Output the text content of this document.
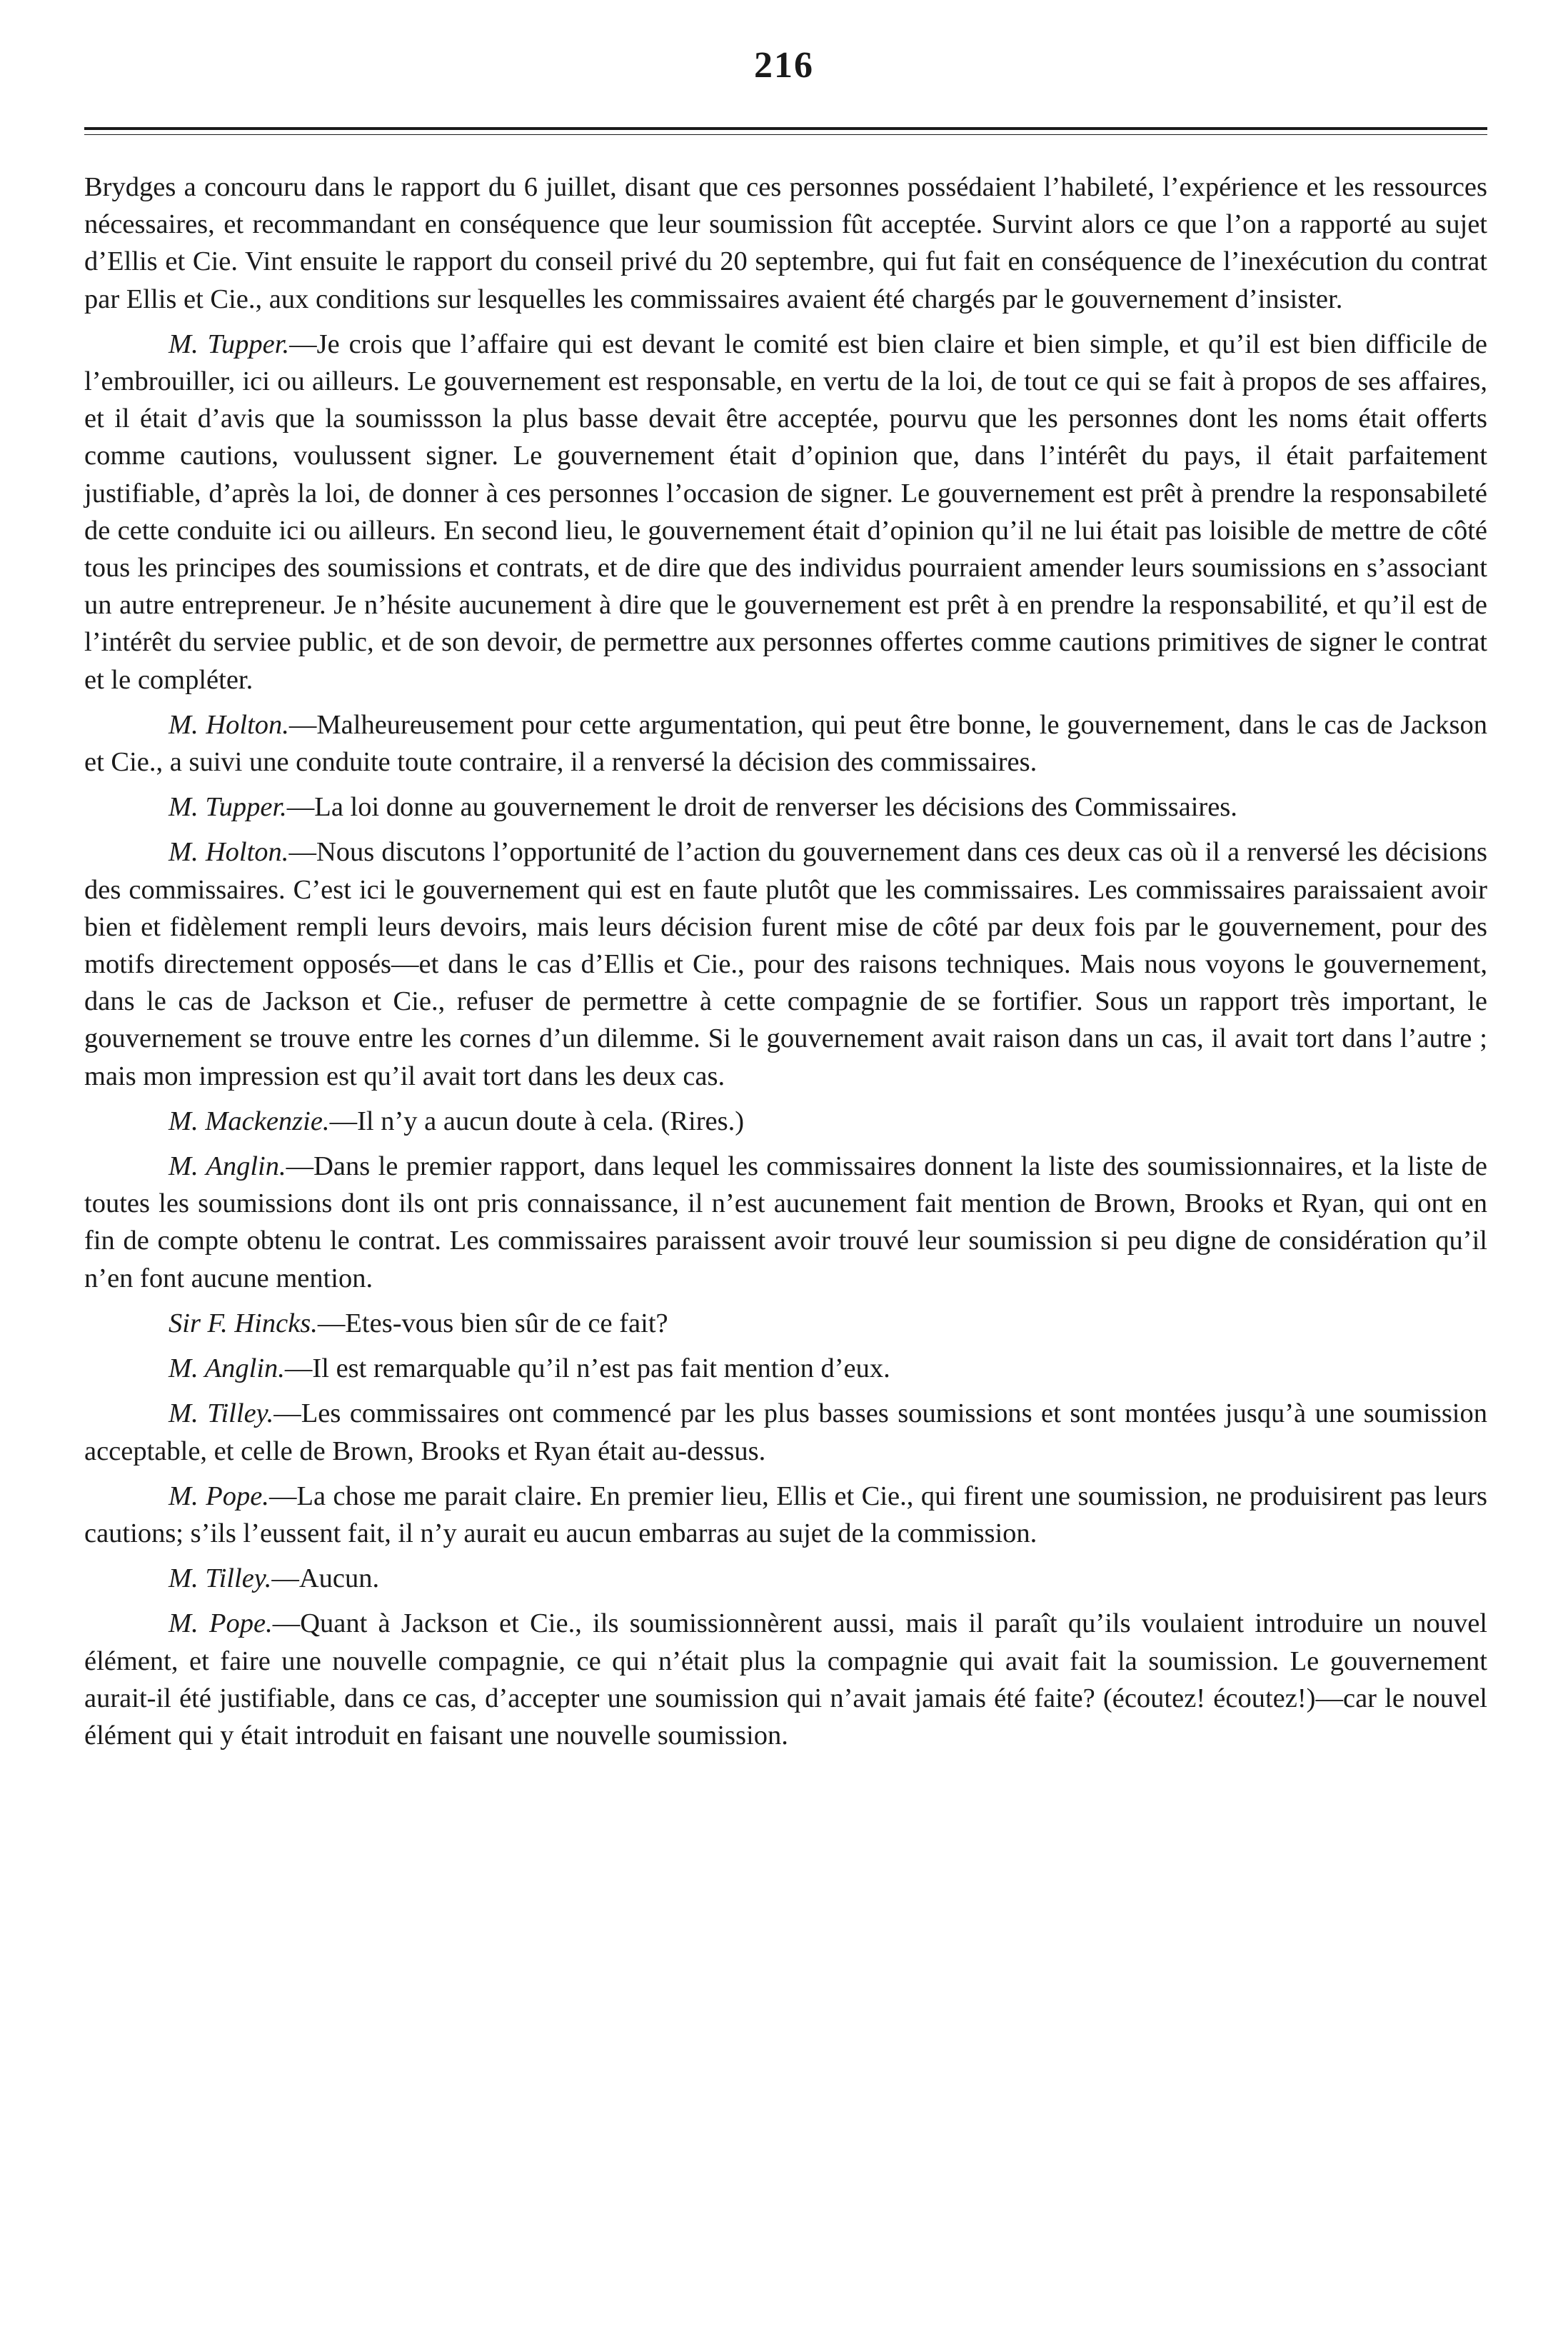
216

Brydges a concouru dans le rapport du 6 juillet, disant que ces personnes possédaient l’habileté, l’expérience et les ressources nécessaires, et recommandant en conséquence que leur soumission fût acceptée. Survint alors ce que l’on a rapporté au sujet d’Ellis et Cie. Vint ensuite le rapport du conseil privé du 20 septembre, qui fut fait en conséquence de l’inexécution du contrat par Ellis et Cie., aux conditions sur lesquelles les commissaires avaient été chargés par le gouvernement d’insister.

M. Tupper.—Je crois que l’affaire qui est devant le comité est bien claire et bien simple, et qu’il est bien difficile de l’embrouiller, ici ou ailleurs. Le gouvernement est responsable, en vertu de la loi, de tout ce qui se fait à propos de ses affaires, et il était d’avis que la soumissson la plus basse devait être acceptée, pourvu que les personnes dont les noms était offerts comme cautions, voulussent signer. Le gouvernement était d’opinion que, dans l’intérêt du pays, il était parfaitement justifiable, d’après la loi, de donner à ces personnes l’occasion de signer. Le gouvernement est prêt à prendre la responsabileté de cette conduite ici ou ailleurs. En second lieu, le gouvernement était d’opinion qu’il ne lui était pas loisible de mettre de côté tous les principes des soumissions et contrats, et de dire que des individus pourraient amender leurs soumissions en s’associant un autre entrepreneur. Je n’hésite aucunement à dire que le gouvernement est prêt à en prendre la responsabilité, et qu’il est de l’intérêt du serviee public, et de son devoir, de permettre aux personnes offertes comme cautions primitives de signer le contrat et le compléter.

M. Holton.—Malheureusement pour cette argumentation, qui peut être bonne, le gouvernement, dans le cas de Jackson et Cie., a suivi une conduite toute contraire, il a renversé la décision des commissaires.

M. Tupper.—La loi donne au gouvernement le droit de renverser les décisions des Commissaires.

M. Holton.—Nous discutons l’opportunité de l’action du gouvernement dans ces deux cas où il a renversé les décisions des commissaires. C’est ici le gouvernement qui est en faute plutôt que les commissaires. Les commissaires paraissaient avoir bien et fidèlement rempli leurs devoirs, mais leurs décision furent mise de côté par deux fois par le gouvernement, pour des motifs directement opposés—et dans le cas d’Ellis et Cie., pour des raisons techniques. Mais nous voyons le gouvernement, dans le cas de Jackson et Cie., refuser de permettre à cette compagnie de se fortifier. Sous un rapport très important, le gouvernement se trouve entre les cornes d’un dilemme. Si le gouvernement avait raison dans un cas, il avait tort dans l’autre ; mais mon impression est qu’il avait tort dans les deux cas.

M. Mackenzie.—Il n’y a aucun doute à cela. (Rires.)

M. Anglin.—Dans le premier rapport, dans lequel les commissaires donnent la liste des soumissionnaires, et la liste de toutes les soumissions dont ils ont pris connaissance, il n’est aucunement fait mention de Brown, Brooks et Ryan, qui ont en fin de compte obtenu le contrat. Les commissaires paraissent avoir trouvé leur soumission si peu digne de considération qu’il n’en font aucune mention.

Sir F. Hincks.—Etes-vous bien sûr de ce fait?

M. Anglin.—Il est remarquable qu’il n’est pas fait mention d’eux.

M. Tilley.—Les commissaires ont commencé par les plus basses soumissions et sont montées jusqu’à une soumission acceptable, et celle de Brown, Brooks et Ryan était au-dessus.

M. Pope.—La chose me parait claire. En premier lieu, Ellis et Cie., qui firent une soumission, ne produisirent pas leurs cautions; s’ils l’eussent fait, il n’y aurait eu aucun embarras au sujet de la commission.

M. Tilley.—Aucun.

M. Pope.—Quant à Jackson et Cie., ils soumissionnèrent aussi, mais il paraît qu’ils voulaient introduire un nouvel élément, et faire une nouvelle compagnie, ce qui n’était plus la compagnie qui avait fait la soumission. Le gouvernement aurait-il été justifiable, dans ce cas, d’accepter une soumission qui n’avait jamais été faite? (écoutez! écoutez!)—car le nouvel élément qui y était introduit en faisant une nouvelle soumission.
